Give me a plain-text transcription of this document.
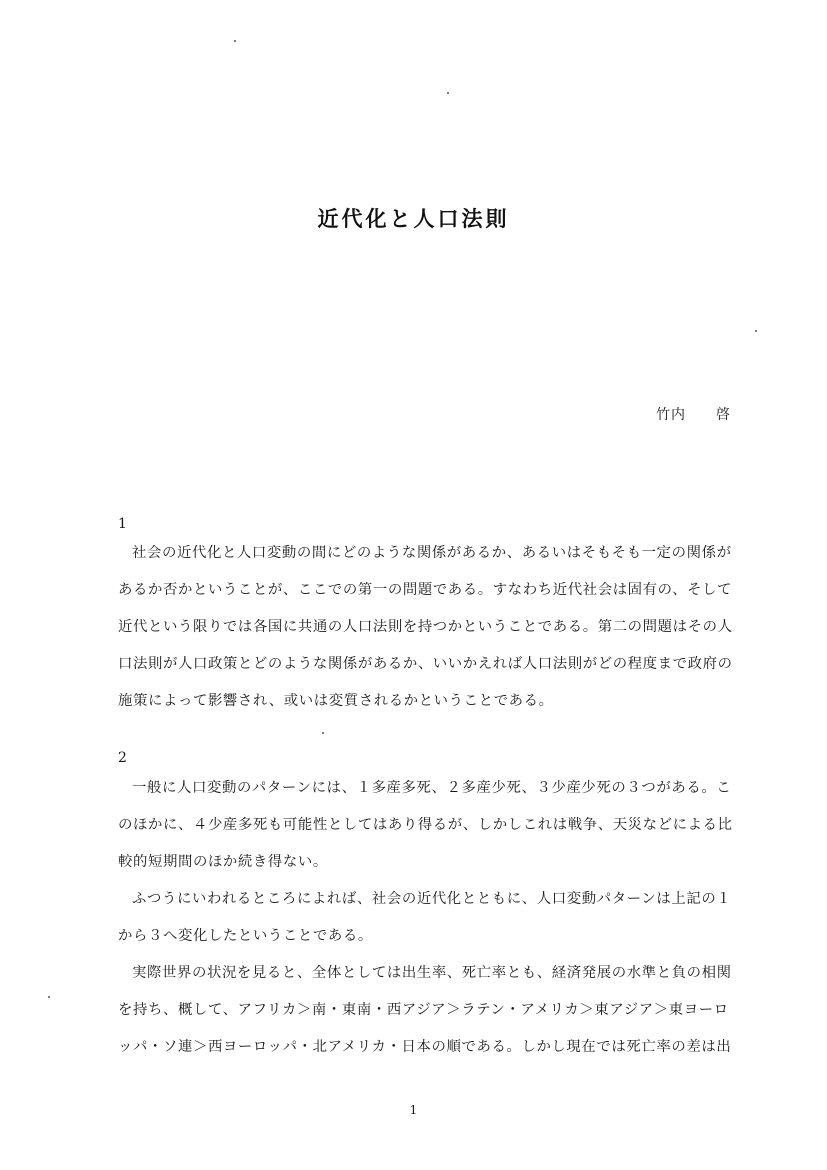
近代化と人口法則
竹内　　啓
1
社会の近代化と人口変動の間にどのような関係があるか、あるいはそもそも一定の関係が
あるか否かということが、ここでの第一の問題である。すなわち近代社会は固有の、そして
近代という限りでは各国に共通の人口法則を持つかということである。第二の問題はその人
口法則が人口政策とどのような関係があるか、いいかえれば人口法則がどの程度まで政府の
施策によって影響され、或いは変質されるかということである。
2
一般に人口変動のパターンには、１多産多死、２多産少死、３少産少死の３つがある。こ
のほかに、４少産多死も可能性としてはあり得るが、しかしこれは戦争、天災などによる比
較的短期間のほか続き得ない。
ふつうにいわれるところによれば、社会の近代化とともに、人口変動パターンは上記の１
から３へ変化したということである。
実際世界の状況を見ると、全体としては出生率、死亡率とも、経済発展の水準と負の相関
を持ち、概して、アフリカ＞南・東南・西アジア＞ラテン・アメリカ＞東アジア＞東ヨーロ
ッパ・ソ連＞西ヨーロッパ・北アメリカ・日本の順である。しかし現在では死亡率の差は出
1
